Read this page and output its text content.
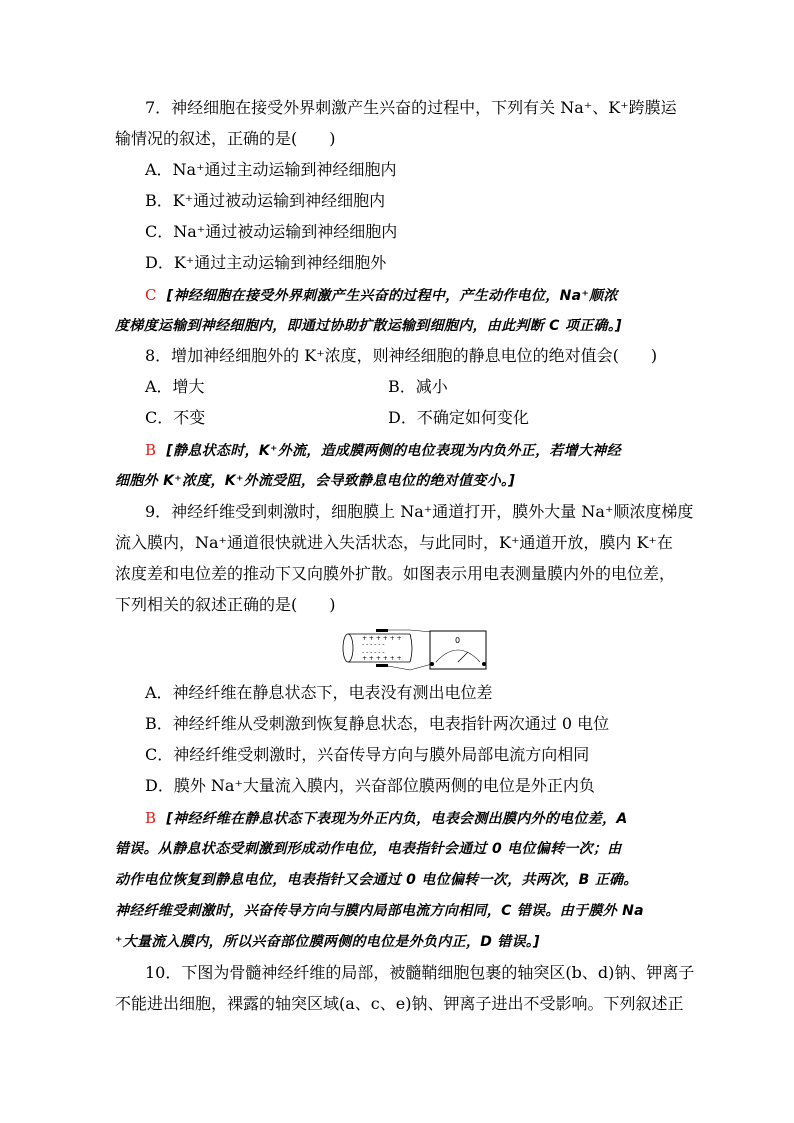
7．神经细胞在接受外界刺激产生兴奋的过程中，下列有关 Na⁺、K⁺跨膜运
输情况的叙述，正确的是(　　)
A．Na⁺通过主动运输到神经细胞内
B．K⁺通过被动运输到神经细胞内
C．Na⁺通过被动运输到神经细胞内
D．K⁺通过主动运输到神经细胞外
C [神经细胞在接受外界刺激产生兴奋的过程中，产生动作电位，Na⁺顺浓
度梯度运输到神经细胞内，即通过协助扩散运输到细胞内，由此判断 C 项正确。]
8．增加神经细胞外的 K⁺浓度，则神经细胞的静息电位的绝对值会(　　)
A．增大	B．减小
C．不变	D．不确定如何变化
B [静息状态时，K⁺外流，造成膜两侧的电位表现为内负外正，若增大神经
细胞外 K⁺浓度，K⁺外流受阻，会导致静息电位的绝对值变小。]
9．神经纤维受到刺激时，细胞膜上 Na⁺通道打开，膜外大量 Na⁺顺浓度梯度
流入膜内，Na⁺通道很快就进入失活状态，与此同时，K⁺通道开放，膜内 K⁺在
浓度差和电位差的推动下又向膜外扩散。如图表示用电表测量膜内外的电位差，
下列相关的叙述正确的是(　　)
+ + + + + +
- - - - - -
- - - - - -
+ + + + + +
0
A．神经纤维在静息状态下，电表没有测出电位差
B．神经纤维从受刺激到恢复静息状态，电表指针两次通过 0 电位
C．神经纤维受刺激时，兴奋传导方向与膜外局部电流方向相同
D．膜外 Na⁺大量流入膜内，兴奋部位膜两侧的电位是外正内负
B [神经纤维在静息状态下表现为外正内负，电表会测出膜内外的电位差，A
错误。从静息状态受刺激到形成动作电位，电表指针会通过 0 电位偏转一次；由
动作电位恢复到静息电位，电表指针又会通过 0 电位偏转一次，共两次，B 正确。
神经纤维受刺激时，兴奋传导方向与膜内局部电流方向相同，C 错误。由于膜外 Na
⁺大量流入膜内，所以兴奋部位膜两侧的电位是外负内正，D 错误。]
10．下图为骨髓神经纤维的局部，被髓鞘细胞包裹的轴突区(b、d)钠、钾离子
不能进出细胞，裸露的轴突区域(a、c、e)钠、钾离子进出不受影响。下列叙述正
